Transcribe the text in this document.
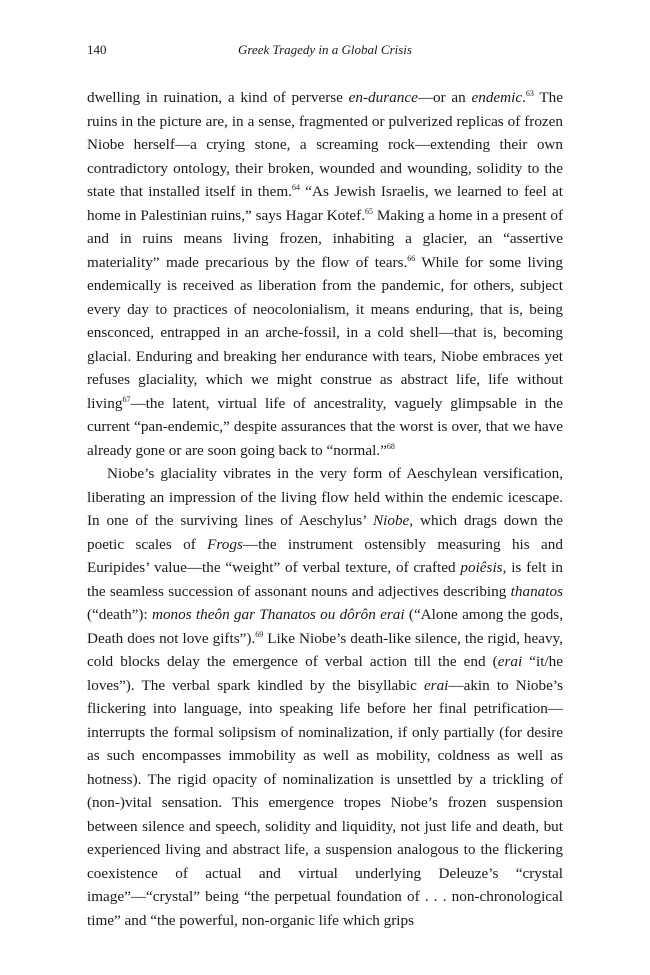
140	Greek Tragedy in a Global Crisis

dwelling in ruination, a kind of perverse en-durance—or an endemic.$^{63}$ The ruins in the picture are, in a sense, fragmented or pulverized replicas of frozen Niobe herself—a crying stone, a screaming rock—extending their own contradictory ontology, their broken, wounded and wounding, solidity to the state that installed itself in them.$^{64}$ “As Jewish Israelis, we learned to feel at home in Palestinian ruins,” says Hagar Kotef.$^{65}$ Making a home in a present of and in ruins means living frozen, inhabiting a glacier, an “assertive materiality” made precarious by the flow of tears.$^{66}$ While for some living endemically is received as liberation from the pandemic, for others, subject every day to practices of neocolonialism, it means enduring, that is, being ensconced, entrapped in an arche-fossil, in a cold shell—that is, becoming glacial. Enduring and breaking her endurance with tears, Niobe embraces yet refuses glaciality, which we might construe as abstract life, life without living$^{67}$—the latent, virtual life of ancestrality, vaguely glimpsable in the current “pan-endemic,” despite assurances that the worst is over, that we have already gone or are soon going back to “normal.”$^{68}$

Niobe’s glaciality vibrates in the very form of Aeschylean versification, liberating an impression of the living flow held within the endemic icescape. In one of the surviving lines of Aeschylus’ Niobe, which drags down the poetic scales of Frogs—the instrument ostensibly measuring his and Euripides’ value—the “weight” of verbal texture, of crafted poiêsis, is felt in the seamless succession of assonant nouns and adjectives describing thanatos (“death”): monos theôn gar Thanatos ou dôrôn erai (“Alone among the gods, Death does not love gifts”).$^{69}$ Like Niobe’s death-like silence, the rigid, heavy, cold blocks delay the emergence of verbal action till the end (erai “it/he loves”). The verbal spark kindled by the bisyllabic erai—akin to Niobe’s flickering into language, into speaking life before her final petrification—interrupts the formal solipsism of nominalization, if only partially (for desire as such encompasses immobility as well as mobility, coldness as well as hotness). The rigid opacity of nominalization is unsettled by a trickling of (non-)vital sensation. This emergence tropes Niobe’s frozen suspension between silence and speech, solidity and liquidity, not just life and death, but experienced living and abstract life, a suspension analogous to the flickering coexistence of actual and virtual underlying Deleuze’s “crystal image”—“crystal” being “the perpetual foundation of . . . non-chronological time” and “the powerful, non-organic life which grips
